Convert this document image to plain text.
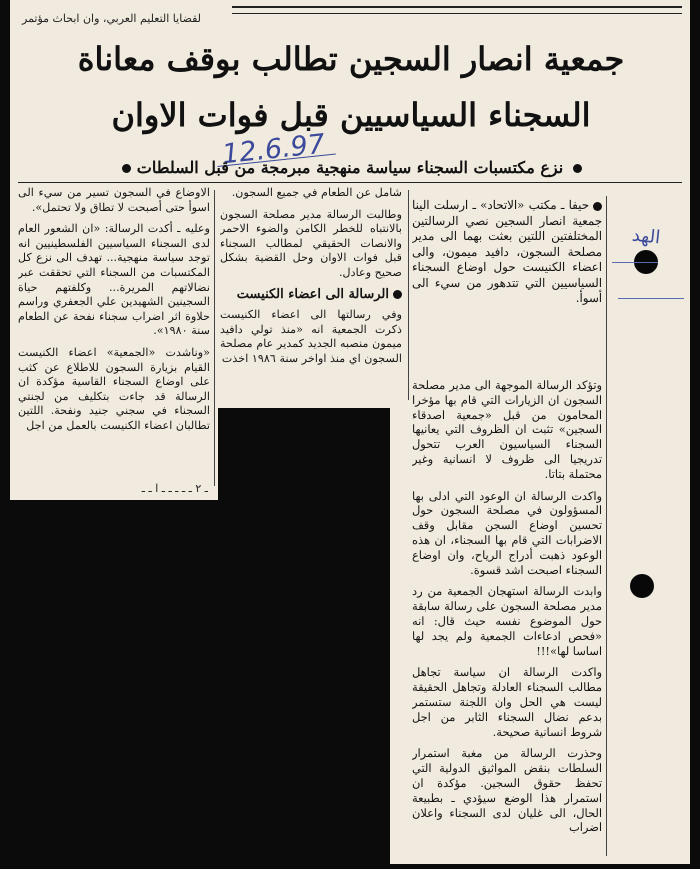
لقضايا التعليم العربي، وان ابحاث مؤتمر
جمعية انصار السجين تطالب بوقف معاناة
السجناء السياسيين قبل فوات الاوان
12.6.97
نزع مكتسبات السجناء سياسة منهجية مبرمجة من قبل السلطات

حيفا ـ مكتب «الاتحاد» ـ ارسلت الينا جمعية انصار السجين نصي الرسالتين المختلفتين اللتين بعثت بهما الى مدير مصلحة السجون، دافيد ميمون، والى اعضاء الكنيست حول اوضاع السجناء السياسيين التي تتدهور من سيء الى أسوأ.

شامل عن الطعام في جميع السجون.

وطالبت الرسالة مدير مصلحة السجون بالانتباه للخطر الكامن والضوء الاحمر والانصات الحقيقي لمطالب السجناء قبل فوات الاوان وحل القضية بشكل صحيح وعادل.

الرسالة الى اعضاء الكنيست

وفي رسالتها الى اعضاء الكنيست ذكرت الجمعية انه «منذ تولي دافيد ميمون منصبه الجديد كمدير عام مصلحة السجون اي منذ اواخر سنة ١٩٨٦ اخذت

الاوضاع في السجون تسير من سيء الى اسوأ حتى أصبحت لا تطاق ولا تحتمل».

وعليه ـ أكدت الرسالة: «ان الشعور العام لدى السجناء السياسيين الفلسطينيين انه توجد سياسة منهجية... تهدف الى نزع كل المكتسبات من السجناء التي تحققت عبر نضالاتهم المريرة... وكلفتهم حياة السجينين الشهيدين علي الجعفري وراسم حلاوة اثر اضراب سجناء نفحة عن الطعام سنة ١٩٨٠».

«وناشدت «الجمعية» اعضاء الكنيست القيام بزيارة السجون للاطلاع عن كثب على اوضاع السجناء القاسية مؤكدة ان الرسالة قد جاءت بتكليف من لجنتي السجناء في سجني جنيد ونفحة. اللتين تطالبان اعضاء الكنيست بالعمل من اجل

ـ ٢ ـ ـ ـ ـ ـ ا ـ ـ

وتؤكد الرسالة الموجهة الى مدير مصلحة السجون ان الزيارات التي قام بها مؤخرا المحامون من قبل «جمعية اصدقاء السجين» تثبت ان الظروف التي يعانيها السجناء السياسيون العرب تتحول تدريجيا الى ظروف لا انسانية وغير محتملة بتاتا.

واكدت الرسالة ان الوعود التي ادلى بها المسؤولون في مصلحة السجون حول تحسين اوضاع السجن مقابل وقف الاضرابات التي قام بها السجناء، ان هذه الوعود ذهبت أدراج الرياح، وان اوضاع السجناء اصبحت اشد قسوة.

وابدت الرسالة استهجان الجمعية من رد مدير مصلحة السجون على رسالة سابقة حول الموضوع نفسه حيث قال: انه «فحص ادعاءات الجمعية ولم يجد لها اساسا لها»!!!

واكدت الرسالة ان سياسة تجاهل مطالب السجناء العادلة وتجاهل الحقيقة ليست هي الحل وان اللجنة ستستمر بدعم نضال السجناء الثابر من اجل شروط انسانية صحيحة.

وحذرت الرسالة من مغبة استمرار السلطات بنقض المواثيق الدولية التي تحفظ حقوق السجين. مؤكدة ان استمرار هذا الوضع سيؤدي ـ بطبيعة الحال، الى غليان لدى السجناء واعلان اضراب

الهد
